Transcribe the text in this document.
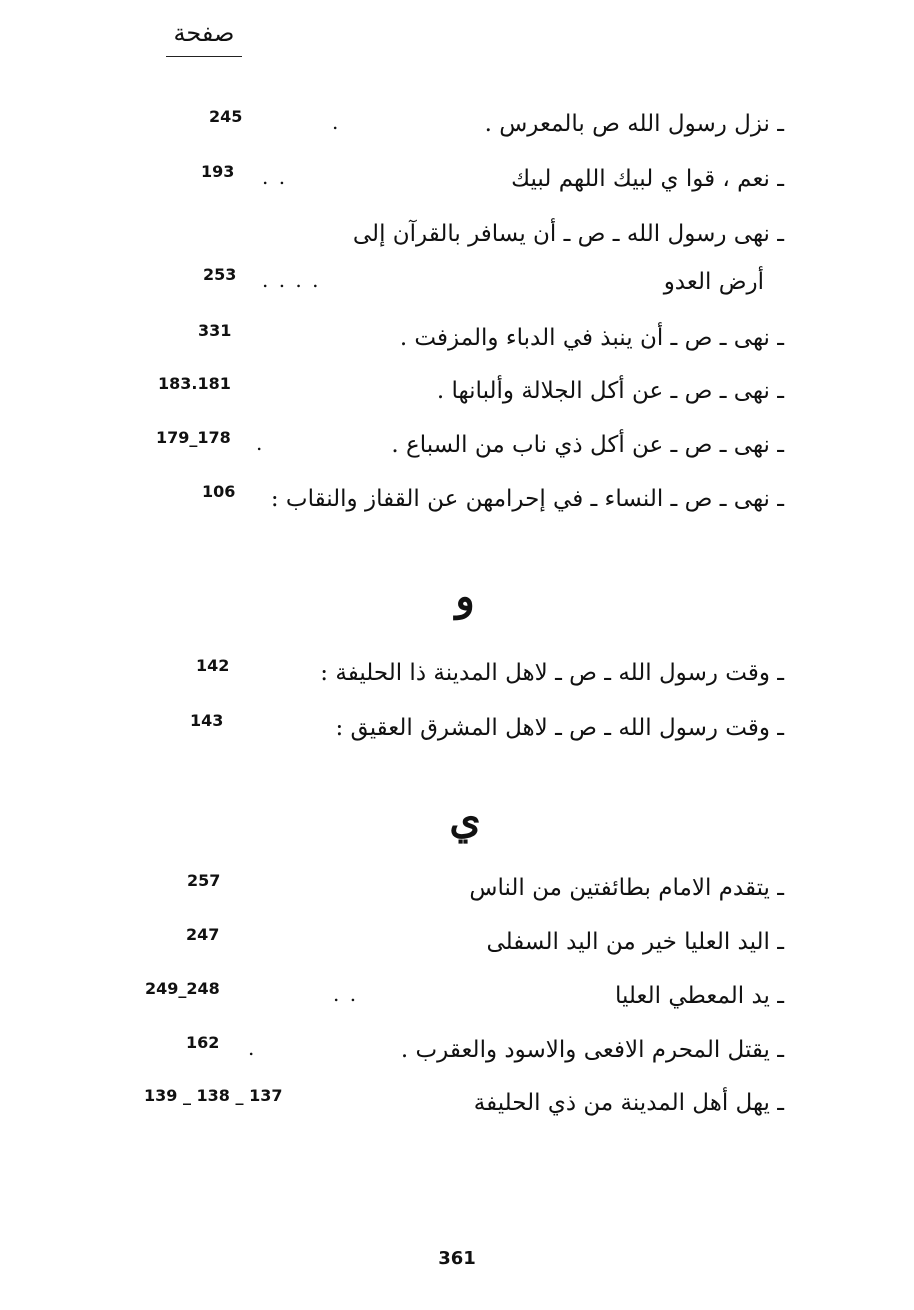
صفحة
ـ نزل رسول الله ص بالمعرس .
.
245
ـ نعم ، قوا ي لبيك اللهم لبيك
. .
193
ـ نهى رسول الله ـ ص ـ أن يسافر بالقرآن إلى
أرض العدو
. . . .
253
ـ نهى ـ ص ـ أن ينبذ في الدباء والمزفت .
331
ـ نهى ـ ص ـ عن أكل الجلالة وألبانها .
183.181
ـ نهى ـ ص ـ عن أكل ذي ناب من السباع .
.
179_178
ـ نهى ـ ص ـ النساء ـ في إحرامهن عن القفاز والنقاب :
106
و
ـ وقت رسول الله ـ ص ـ لاهل المدينة ذا الحليفة :
142
ـ وقت رسول الله ـ ص ـ لاهل المشرق العقيق :
143
ي
ـ يتقدم الامام بطائفتين من الناس
257
ـ اليد العليا خير من اليد السفلى
247
ـ يد المعطي العليا
. .
249_248
ـ يقتل المحرم الافعى والاسود والعقرب .
.
162
ـ يهل أهل المدينة من ذي الحليفة
139 _ 138 _ 137
361
